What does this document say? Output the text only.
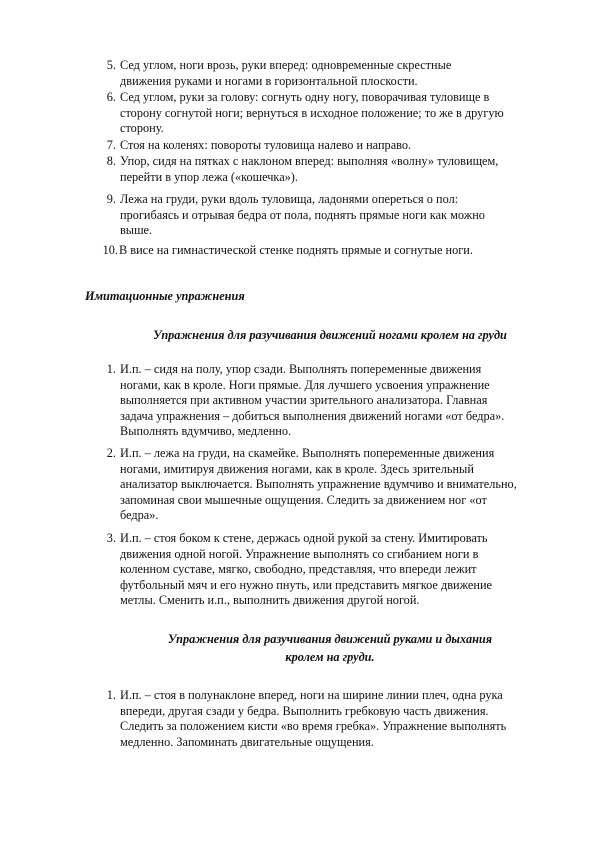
5. Сед углом, ноги врозь, руки вперед: одновременные скрестные движения руками и ногами в горизонтальной плоскости.
6. Сед углом, руки за голову: согнуть одну ногу, поворачивая туловище в сторону согнутой ноги; вернуться в исходное положение; то же в другую сторону.
7. Стоя на коленях: повороты туловища налево и направо.
8. Упор, сидя на пятках с наклоном вперед: выполняя «волну» туловищем, перейти в упор лежа («кошечка»).
9. Лежа на груди, руки вдоль туловища, ладонями опереться о пол: прогибаясь и отрывая бедра от пола, поднять прямые ноги как можно выше.
10. В висе на гимнастической стенке поднять прямые и согнутые ноги.
Имитационные упражнения
Упражнения для разучивания движений ногами кролем на груди
1. И.п. – сидя на полу, упор сзади. Выполнять попеременные движения ногами, как в кроле. Ноги прямые. Для лучшего усвоения упражнение выполняется при активном участии зрительного анализатора. Главная задача упражнения – добиться выполнения движений ногами «от бедра». Выполнять вдумчиво, медленно.
2. И.п. – лежа на груди, на скамейке. Выполнять попеременные движения ногами, имитируя движения ногами, как в кроле. Здесь зрительный анализатор выключается. Выполнять упражнение вдумчиво и внимательно, запоминая свои мышечные ощущения. Следить за движением ног «от бедра».
3. И.п. – стоя боком к стене, держась одной рукой за стену. Имитировать движения одной ногой. Упражнение выполнять со сгибанием ноги в коленном суставе, мягко, свободно, представляя, что впереди лежит футбольный мяч и его нужно пнуть, или представить мягкое движение метлы. Сменить и.п., выполнить движения другой ногой.
Упражнения для разучивания движений руками и дыхания
кролем на груди.
1. И.п. – стоя в полунаклоне вперед, ноги на ширине линии плеч, одна рука впереди, другая сзади у бедра. Выполнить гребковую часть движения. Следить за положением кисти «во время гребка». Упражнение выполнять медленно. Запоминать двигательные ощущения.
